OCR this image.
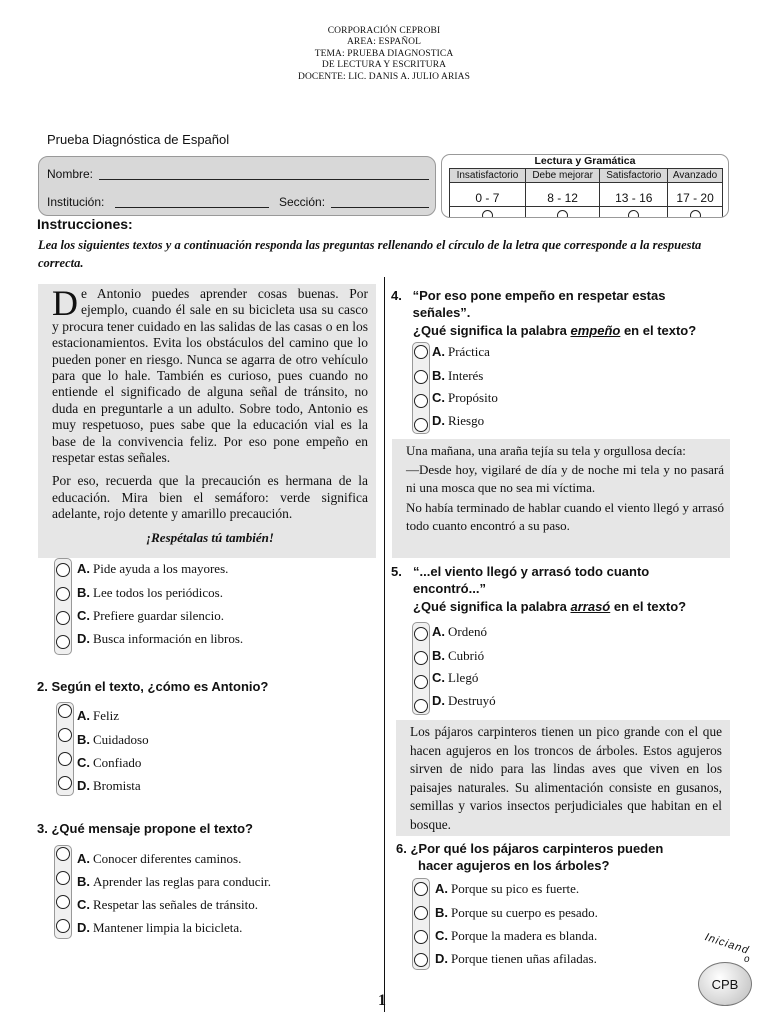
CORPORACIÓN CEPROBI
AREA: ESPAÑOL
TEMA: PRUEBA DIAGNOSTICA
DE LECTURA Y ESCRITURA
DOCENTE: LIC. DANIS A. JULIO ARIAS
Prueba Diagnóstica de Español
Nombre:
Institución:	Sección:
Lectura y Gramática
Insatisfactorio	Debe mejorar	Satisfactorio	Avanzado
0 - 7	8 - 12	13 - 16	17 - 20

Instrucciones:
Lea los siguientes textos y a continuación responda las preguntas rellenando el círculo de la letra que corresponde a la respuesta correcta.

De Antonio puedes aprender cosas buenas. Por ejemplo, cuando él sale en su bicicleta usa su casco y procura tener cuidado en las salidas de las casas o en los estacionamientos. Evita los obstáculos del camino que lo pueden poner en riesgo. Nunca se agarra de otro vehículo para que lo hale. También es curioso, pues cuando no entiende el significado de alguna señal de tránsito, no duda en preguntarle a un adulto. Sobre todo, Antonio es muy respetuoso, pues sabe que la educación vial es la base de la convivencia feliz. Por eso pone empeño en respetar estas señales.

Por eso, recuerda que la precaución es hermana de la educación. Mira bien el semáforo: verde significa adelante, rojo detente y amarillo precaución.

¡Respétalas tú también!
A. Pide ayuda a los mayores.
B. Lee todos los periódicos.
C. Prefiere guardar silencio.
D. Busca información en libros.
2. Según el texto, ¿cómo es Antonio?
A. Feliz
B. Cuidadoso
C. Confiado
D. Bromista
3. ¿Qué mensaje propone el texto?
A. Conocer diferentes caminos.
B. Aprender las reglas para conducir.
C. Respetar las señales de tránsito.
D. Mantener limpia la bicicleta.
4. “Por eso pone empeño en respetar estas señales”.
¿Qué significa la palabra empeño en el texto?
A. Práctica
B. Interés
C. Propósito
D. Riesgo

Una mañana, una araña tejía su tela y orgullosa decía:

—Desde hoy, vigilaré de día y de noche mi tela y no pasará ni una mosca que no sea mi víctima.

No había terminado de hablar cuando el viento llegó y arrasó todo cuanto encontró a su paso.

5. “...el viento llegó y arrasó todo cuanto encontró...”
¿Qué significa la palabra arrasó en el texto?
A. Ordenó
B. Cubrió
C. Llegó
D. Destruyó

Los pájaros carpinteros tienen un pico grande con el que hacen agujeros en los troncos de árboles. Estos agujeros sirven de nido para las lindas aves que viven en los paisajes naturales. Su alimentación consiste en gusanos, semillas y varios insectos perjudiciales que habitan en el bosque.

6. ¿Por qué los pájaros carpinteros pueden hacer agujeros en los árboles?
A. Porque su pico es fuerte.
B. Porque su cuerpo es pesado.
C. Porque la madera es blanda.
D. Porque tienen uñas afiladas.
1
Iniciand
o
CPB
